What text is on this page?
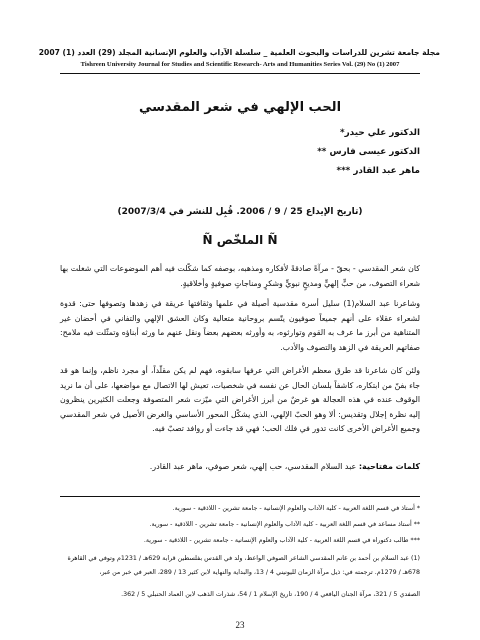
مجلة جامعة تشرين للدراسات والبحوث العلمية _ سلسلة الآداب والعلوم الإنسانية المجلد (29) العدد (1) 2007
Tishreen University Journal for Studies and Scientific Research- Arts and Humanities Series Vol. (29) No (1) 2007
الحب الإلهي في شعر المقدسي
الدكتور علي حيدر*
الدكتور عيسى فارس **
ماهر عبد القادر ***
(تاريخ الإيداع 25 / 9 / 2006. قُبِل للنشر في 2007/3/4)
Ñ الملخّص Ñ

كان شعر المقدسي - بحقّ - مرآةً صادقةً لأفكاره ومذهبه، بوصفه كما شكّلت فيه أهم الموضوعات التي شغلت بها شعراء التصوف، من حبٍّ إلهيٍّ ومديحٍ نبويٍّ وشكرٍ ومناجاتٍ صوفيةٍ وأخلاقيةٍ.

وشاعرنا عبد السلام(1) سليل أسرة مقدسية أصيلة في علمها وثقافتها عريقة في زهدها وتصوفها حتى: قدوة لشعراء عقلاء على أنهم جميعاً صوفيون يتّسم بروحانية متعالية وكان العشق الإلهي والتفاني في أحضان غير المتناهية من أبرز ما عرف به القوم وتوارثوه، به وأورثه بعضهم بعضاً ونقل عنهم ما ورثه أبناؤه وتمثّلت فيه ملامح: صفاتهم العريقة في الزهد والتصوف والأدب.

ولئن كان شاعرنا قد طرق معظم الأغراض التي عرفها سابقوه، فهم لم يكن مقلّداً، أو مجرد ناظم، وإنما هو قد جاء بفنّ من ابتكاره، كاشفاً بلسان الحال عن نفسه في شخصيات، تعيش لها الاتصال مع مواضعها، على أن ما نريد الوقوف عنده في هذه العجالة هو غرضٌ من أبرز الأغراض التي ميّزت شعر المتصوفة وجعلت الكثيرين ينظرون إليه نظرة إجلال وتقديس: ألا وهو الحبّ الإلهي، الذي يشكّل المحور الأساسي والغرض الأصيل في شعر المقدسي وجميع الأغراض الأخرى كانت تدور في فلك الحب؛ فهي قد جاءت أو روافد تصبّ فيه.

كلمات مفتاحية: عبد السلام المقدسي، حب إلهي، شعر صوفي، ماهر عبد القادر.
* أستاذ في قسم اللغة العربية - كلية الآداب والعلوم الإنسانية - جامعة تشرين - اللاذقية - سورية.
** أستاذ مساعد في قسم اللغة العربية - كلية الآداب والعلوم الإنسانية - جامعة تشرين - اللاذقية - سورية.
*** طالب دكتوراه في قسم اللغة العربية - كلية الآداب والعلوم الإنسانية - جامعة تشرين - اللاذقية - سورية.
(1) عبد السلام بن أحمد بن غانم المقدسي الشاعر الصوفي الواعظ، ولد في القدس بفلسطين قرابة 629هـ / 1231م وتوفي في القاهرة 678هـ / 1279م. ترجمته في: ذيل مرآة الزمان لليونيني 4 / 13، والبداية والنهاية لابن كثير 13 / 289، العبر في خبر من غبر،
الصفدي 5 / 321، مرآة الجنان اليافعي 4 / 190، تاريخ الإسلام 1 / 54، شذرات الذهب لابن العماد الحنبلي 5 / 362.
23
